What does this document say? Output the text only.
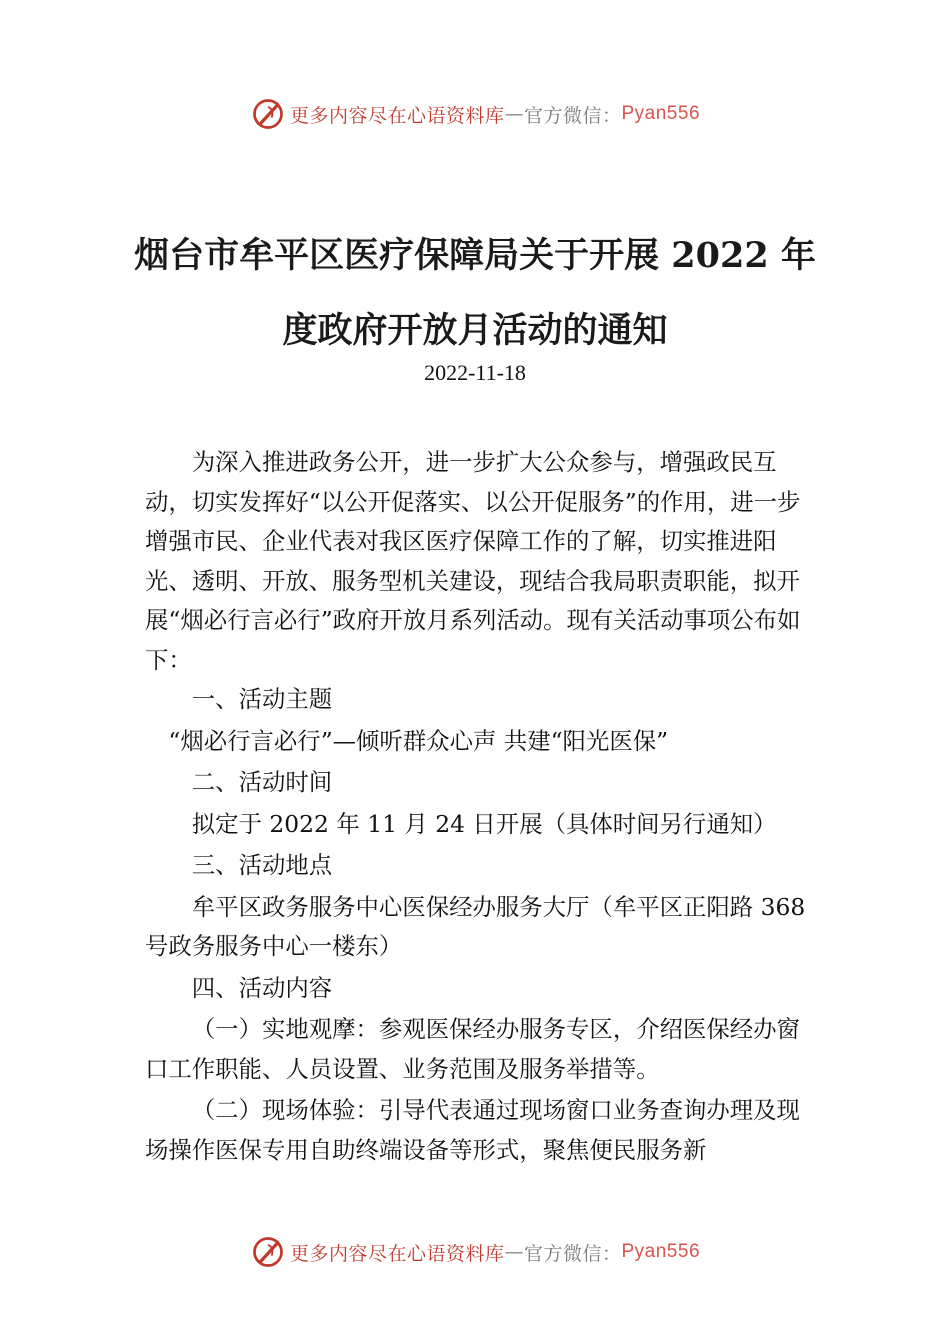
更多内容尽在心语资料库 — 官方微信： Pyan556
烟台市牟平区医疗保障局关于开展 2022 年
度政府开放月活动的通知
2022-11-18

为深入推进政务公开，进一步扩大公众参与，增强政民互动，切实发挥好“以公开促落实、以公开促服务”的作用，进一步增强市民、企业代表对我区医疗保障工作的了解，切实推进阳光、透明、开放、服务型机关建设，现结合我局职责职能，拟开展“烟必行言必行”政府开放月系列活动。现有关活动事项公布如下：

一、活动主题

“烟必行言必行”—倾听群众心声 共建“阳光医保”

二、活动时间

拟定于 2022 年 11 月 24 日开展（具体时间另行通知）

三、活动地点

牟平区政务服务中心医保经办服务大厅（牟平区正阳路 368 号政务服务中心一楼东）

四、活动内容

（一）实地观摩：参观医保经办服务专区，介绍医保经办窗口工作职能、人员设置、业务范围及服务举措等。

（二）现场体验：引导代表通过现场窗口业务查询办理及现场操作医保专用自助终端设备等形式，聚焦便民服务新

更多内容尽在心语资料库 — 官方微信： Pyan556
